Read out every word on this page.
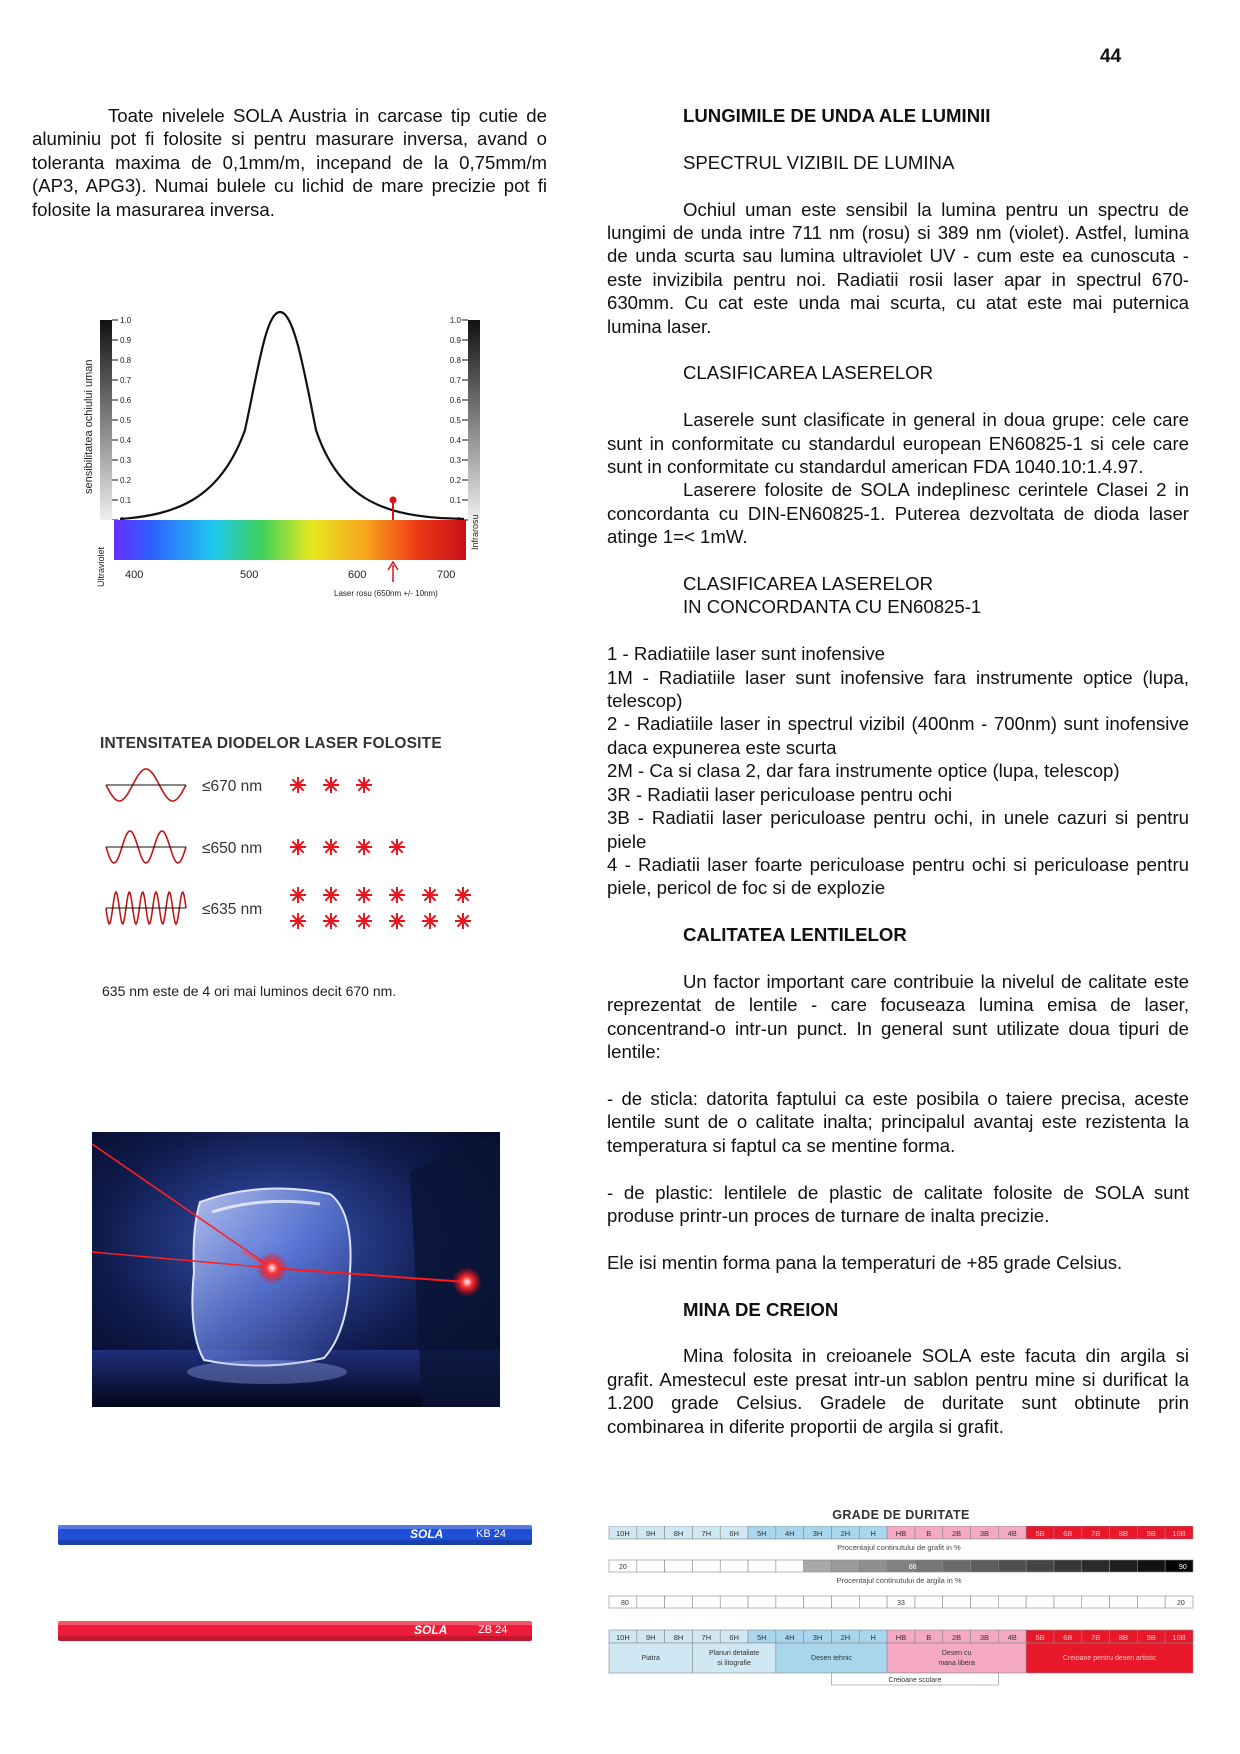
44

Toate nivelele SOLA Austria in carcase tip cutie de aluminiu pot fi folosite si pentru masurare inversa, avand o toleranta maxima de 0,1mm/m, incepand de la 0,75mm/m (AP3, APG3). Numai bulele cu lichid de mare precizie pot fi folosite la masurarea inversa.

sensibilitatea ochiului uman
1.0
0.9
0.8
0.7
0.6
0.5
0.4
0.3
0.2
0.1
1.0
0.9
0.8
0.7
0.6
0.5
0.4
0.3
0.2
0.1
Ultraviolet
Infrarosu
400	500	600	700
Laser rosu (650nm +/- 10nm)
INTENSITATEA DIODELOR LASER FOLOSITE
≤670 nm
≤650 nm
≤635 nm
635 nm este de 4 ori mai luminos decit 670 nm.
SOLA	KB 24
SOLA	ZB 24
GRADE DE DURITATE
10H 9H 8H 7H 6H 5H 4H 3H 2H	H	HB	B	2B 3B 4B 5B 6B 7B 8B 9B 10B
Procentajul continutului de grafit in %
20	66	90
Procentajul continutului de argila in %
80	33	20
10H 9H 8H 7H 6H 5H 4H 3H 2H	H	HB	B	2B 3B 4B 5B 6B 7B 8B 9B 10B
Piatra
Planuri detaliate
si litografie
Desen tehnic
Desen cu
mana libera
Creioane pentru desen artistic
Creioane scolare

LUNGIMILE DE UNDA ALE LUMINII

SPECTRUL VIZIBIL DE LUMINA

Ochiul uman este sensibil la lumina pentru un spectru de lungimi de unda intre 711 nm (rosu) si 389 nm (violet). Astfel, lumina de unda scurta sau lumina ultraviolet UV - cum este ea cunoscuta - este invizibila pentru noi. Radiatii rosii laser apar in spectrul 670-630mm. Cu cat este unda mai scurta, cu atat este mai puternica lumina laser.

CLASIFICAREA LASERELOR

Laserele sunt clasificate in general in doua grupe: cele care sunt in conformitate cu standardul european EN60825-1 si cele care sunt in conformitate cu standardul american FDA 1040.10:1.4.97.

Laserere folosite de SOLA indeplinesc cerintele Clasei 2 in concordanta cu DIN-EN60825-1. Puterea dezvoltata de dioda laser atinge 1=< 1mW.

CLASIFICAREA LASERELOR

IN CONCORDANTA CU EN60825-1

1 - Radiatiile laser sunt inofensive

1M - Radiatiile laser sunt inofensive fara instrumente optice (lupa, telescop)

2 - Radiatiile laser in spectrul vizibil (400nm - 700nm) sunt inofensive daca expunerea este scurta

2M - Ca si clasa 2, dar fara instrumente optice (lupa, telescop)

3R - Radiatii laser periculoase pentru ochi

3B - Radiatii laser periculoase pentru ochi, in unele cazuri si pentru piele

4 - Radiatii laser foarte periculoase pentru ochi si periculoase pentru piele, pericol de foc si de explozie

CALITATEA LENTILELOR

Un factor important care contribuie la nivelul de calitate este reprezentat de lentile - care focuseaza lumina emisa de laser, concentrand-o intr-un punct. In general sunt utilizate doua tipuri de lentile:

- de sticla: datorita faptului ca este posibila o taiere precisa, aceste lentile sunt de o calitate inalta; principalul avantaj este rezistenta la temperatura si faptul ca se mentine forma.

- de plastic: lentilele de plastic de calitate folosite de SOLA sunt produse printr-un proces de turnare de inalta precizie.

Ele isi mentin forma pana la temperaturi de +85 grade Celsius.

MINA DE CREION

Mina folosita in creioanele SOLA este facuta din argila si grafit. Amestecul este presat intr-un sablon pentru mine si durificat la 1.200 grade Celsius. Gradele de duritate sunt obtinute prin combinarea in diferite proportii de argila si grafit.
